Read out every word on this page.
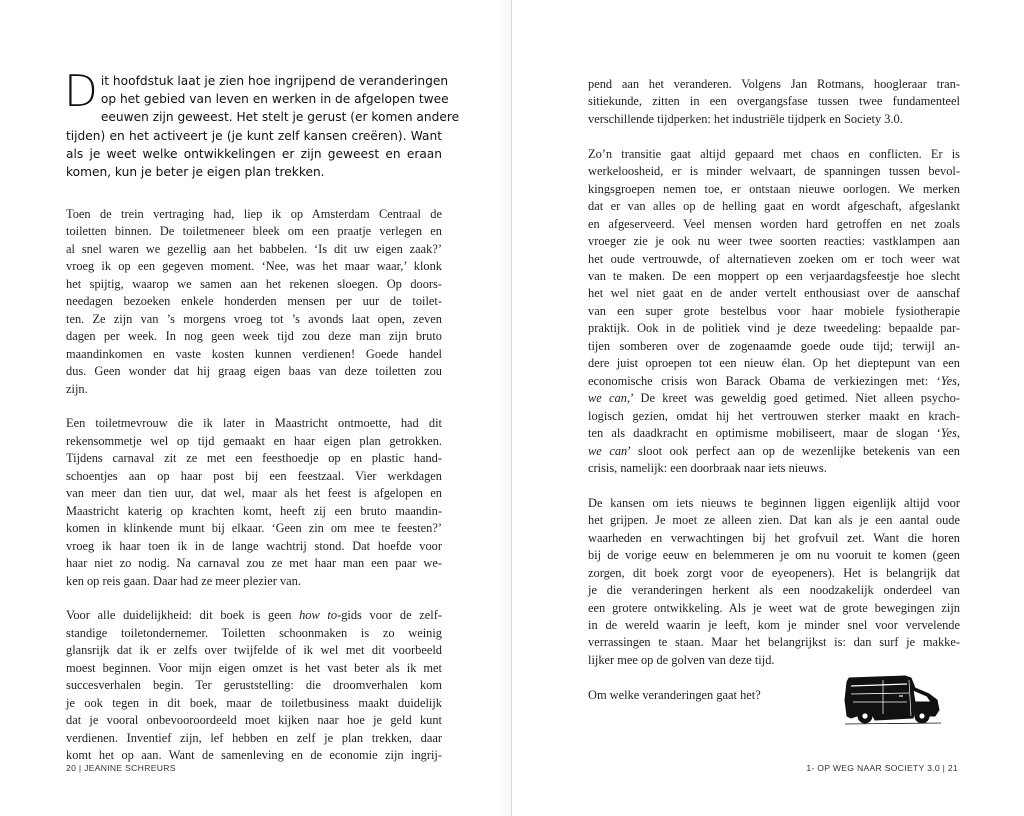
D it hoofdstuk laat je zien hoe ingrijpend de veranderingen
op het gebied van leven en werken in de afgelopen twee
eeuwen zijn geweest. Het stelt je gerust (er komen andere
tijden) en het activeert je (je kunt zelf kansen creëren). Want
als je weet welke ontwikkelingen er zijn geweest en eraan
komen, kun je beter je eigen plan trekken.
Toen de trein vertraging had, liep ik op Amsterdam Centraal de
toiletten binnen. De toiletmeneer bleek om een praatje verlegen en
al snel waren we gezellig aan het babbelen. ‘Is dit uw eigen zaak?’
vroeg ik op een gegeven moment. ‘Nee, was het maar waar,’ klonk
het spijtig, waarop we samen aan het rekenen sloegen. Op doors-
needagen bezoeken enkele honderden mensen per uur de toilet-
ten. Ze zijn van ’s morgens vroeg tot ’s avonds laat open, zeven
dagen per week. In nog geen week tijd zou deze man zijn bruto
maandinkomen en vaste kosten kunnen verdienen! Goede handel
dus. Geen wonder dat hij graag eigen baas van deze toiletten zou
zijn.
Een toiletmevrouw die ik later in Maastricht ontmoette, had dit
rekensommetje wel op tijd gemaakt en haar eigen plan getrokken.
Tijdens carnaval zit ze met een feesthoedje op en plastic hand-
schoentjes aan op haar post bij een feestzaal. Vier werkdagen
van meer dan tien uur, dat wel, maar als het feest is afgelopen en
Maastricht katerig op krachten komt, heeft zij een bruto maandin-
komen in klinkende munt bij elkaar. ‘Geen zin om mee te feesten?’
vroeg ik haar toen ik in de lange wachtrij stond. Dat hoefde voor
haar niet zo nodig. Na carnaval zou ze met haar man een paar we-
ken op reis gaan. Daar had ze meer plezier van.
Voor alle duidelijkheid: dit boek is geen how to-gids voor de zelf-
standige toiletondernemer. Toiletten schoonmaken is zo weinig
glansrijk dat ik er zelfs over twijfelde of ik wel met dit voorbeeld
moest beginnen. Voor mijn eigen omzet is het vast beter als ik met
succesverhalen begin. Ter geruststelling: die droomverhalen kom
je ook tegen in dit boek, maar de toiletbusiness maakt duidelijk
dat je vooral onbevooroordeeld moet kijken naar hoe je geld kunt
verdienen. Inventief zijn, lef hebben en zelf je plan trekken, daar
komt het op aan. Want de samenleving en de economie zijn ingrij-
20 | JEANINE SCHREURS	1- OP WEG NAAR SOCIETY 3.0 | 21
pend aan het veranderen. Volgens Jan Rotmans, hoogleraar tran-
sitiekunde, zitten in een overgangsfase tussen twee fundamenteel
verschillende tijdperken: het industriële tijdperk en Society 3.0.
Zo’n transitie gaat altijd gepaard met chaos en conflicten. Er is
werkeloosheid, er is minder welvaart, de spanningen tussen bevol-
kingsgroepen nemen toe, er ontstaan nieuwe oorlogen. We merken
dat er van alles op de helling gaat en wordt afgeschaft, afgeslankt
en afgeserveerd. Veel mensen worden hard getroffen en net zoals
vroeger zie je ook nu weer twee soorten reacties: vastklampen aan
het oude vertrouwde, of alternatieven zoeken om er toch weer wat
van te maken. De een moppert op een verjaardagsfeestje hoe slecht
het wel niet gaat en de ander vertelt enthousiast over de aanschaf
van een super grote bestelbus voor haar mobiele fysiotherapie
praktijk. Ook in de politiek vind je deze tweedeling: bepaalde par-
tijen somberen over de zogenaamde goede oude tijd; terwijl an-
dere juist oproepen tot een nieuw élan. Op het dieptepunt van een
economische crisis won Barack Obama de verkiezingen met: ‘Yes,
we can,’ De kreet was geweldig goed getimed. Niet alleen psycho-
logisch gezien, omdat hij het vertrouwen sterker maakt en krach-
ten als daadkracht en optimisme mobiliseert, maar de slogan ‘Yes,
we can’ sloot ook perfect aan op de wezenlijke betekenis van een
crisis, namelijk: een doorbraak naar iets nieuws.
De kansen om iets nieuws te beginnen liggen eigenlijk altijd voor
het grijpen. Je moet ze alleen zien. Dat kan als je een aantal oude
waarheden en verwachtingen bij het grofvuil zet. Want die horen
bij de vorige eeuw en belemmeren je om nu vooruit te komen (geen
zorgen, dit boek zorgt voor de eyeopeners). Het is belangrijk dat
je die veranderingen herkent als een noodzakelijk onderdeel van
een grotere ontwikkeling. Als je weet wat de grote bewegingen zijn
in de wereld waarin je leeft, kom je minder snel voor vervelende
verrassingen te staan. Maar het belangrijkst is: dan surf je makke-
lijker mee op de golven van deze tijd.
Om welke veranderingen gaat het?
